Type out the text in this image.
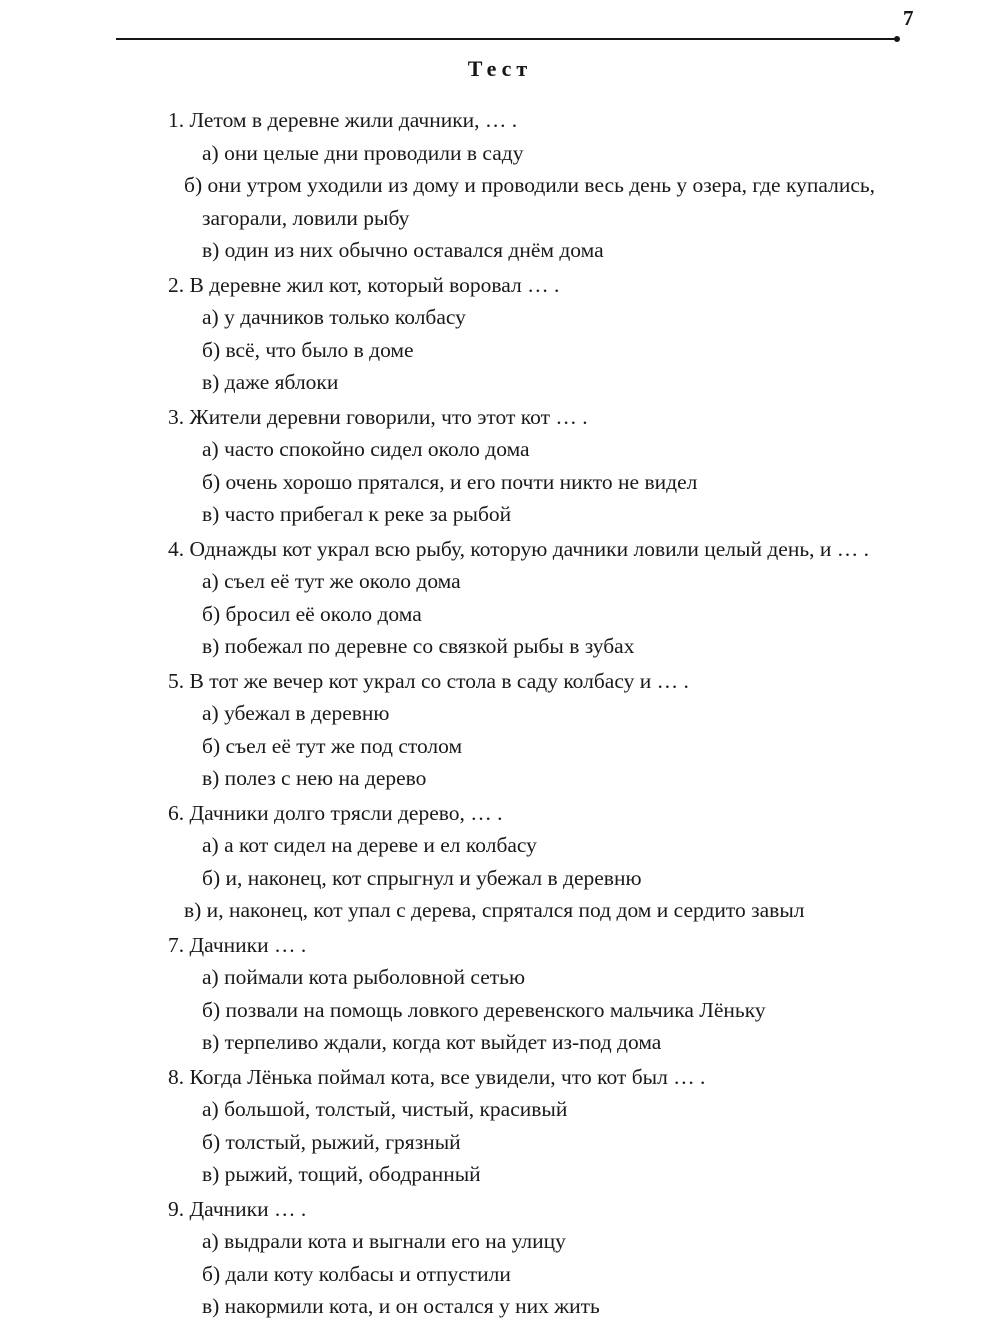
7
Тест
1. Летом в деревне жили дачники, … .
а) они целые дни проводили в саду
б) они утром уходили из дому и проводили весь день у озера, где купались, загорали, ловили рыбу
в) один из них обычно оставался днём дома
2. В деревне жил кот, который воровал … .
а) у дачников только колбасу
б) всё, что было в доме
в) даже яблоки
3. Жители деревни говорили, что этот кот … .
а) часто спокойно сидел около дома
б) очень хорошо прятался, и его почти никто не видел
в) часто прибегал к реке за рыбой
4. Однажды кот украл всю рыбу, которую дачники ловили целый день, и … .
а) съел её тут же около дома
б) бросил её около дома
в) побежал по деревне со связкой рыбы в зубах
5. В тот же вечер кот украл со стола в саду колбасу и … .
а) убежал в деревню
б) съел её тут же под столом
в) полез с нею на дерево
6. Дачники долго трясли дерево, … .
а) а кот сидел на дереве и ел колбасу
б) и, наконец, кот спрыгнул и убежал в деревню
в) и, наконец, кот упал с дерева, спрятался под дом и сердито завыл
7. Дачники … .
а) поймали кота рыболовной сетью
б) позвали на помощь ловкого деревенского мальчика Лёньку
в) терпеливо ждали, когда кот выйдет из-под дома
8. Когда Лёнька поймал кота, все увидели, что кот был … .
а) большой, толстый, чистый, красивый
б) толстый, рыжий, грязный
в) рыжий, тощий, ободранный
9. Дачники … .
а) выдрали кота и выгнали его на улицу
б) дали коту колбасы и отпустили
в) накормили кота, и он остался у них жить
